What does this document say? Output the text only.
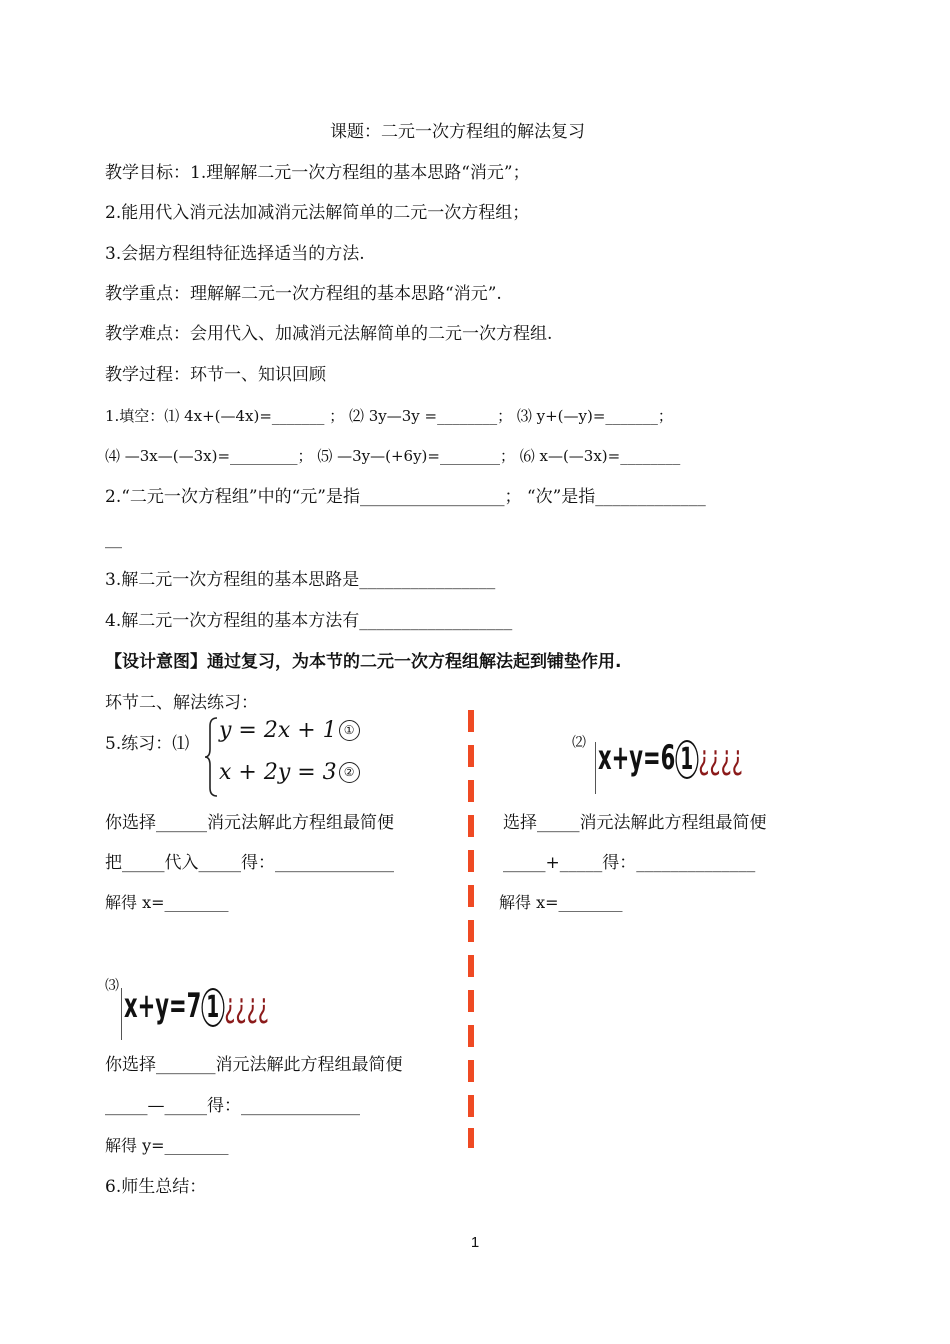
课题：二元一次方程组的解法复习
教学目标：1.理解解二元一次方程组的基本思路“消元”；
2.能用代入消元法加减消元法解简单的二元一次方程组；
3.会据方程组特征选择适当的方法.
教学重点：理解解二元一次方程组的基本思路“消元”.
教学难点：会用代入、加减消元法解简单的二元一次方程组.
教学过程：环节一、知识回顾
1.填空：⑴ 4x+(—4x)=_______ ； ⑵ 3y—3y =________； ⑶ y+(—y)=_______；
⑷ —3x—(—3x)=_________； ⑸ —3y—(+6y)=________； ⑹ x—(—3x)=________
2.“二元一次方程组”中的“元”是指_________________； “次”是指_____________
__
3.解二元一次方程组的基本思路是________________
4.解二元一次方程组的基本方法有__________________
【设计意图】通过复习，为本节的二元一次方程组解法起到铺垫作用.
环节二、解法练习：
5.练习：⑴
y = 2x + 1 ①
x + 2y = 3 ②
⑵ x+y=6 1 ¿¿¿¿
你选择______消元法解此方程组最简便
把_____代入_____得：______________
解得 x=________
选择_____消元法解此方程组最简便
_____+_____得：______________
解得 x=________
⑶ x+y=7 1 ¿¿¿¿
你选择_______消元法解此方程组最简便
_____—_____得：______________
解得 y=________
6.师生总结：
1
